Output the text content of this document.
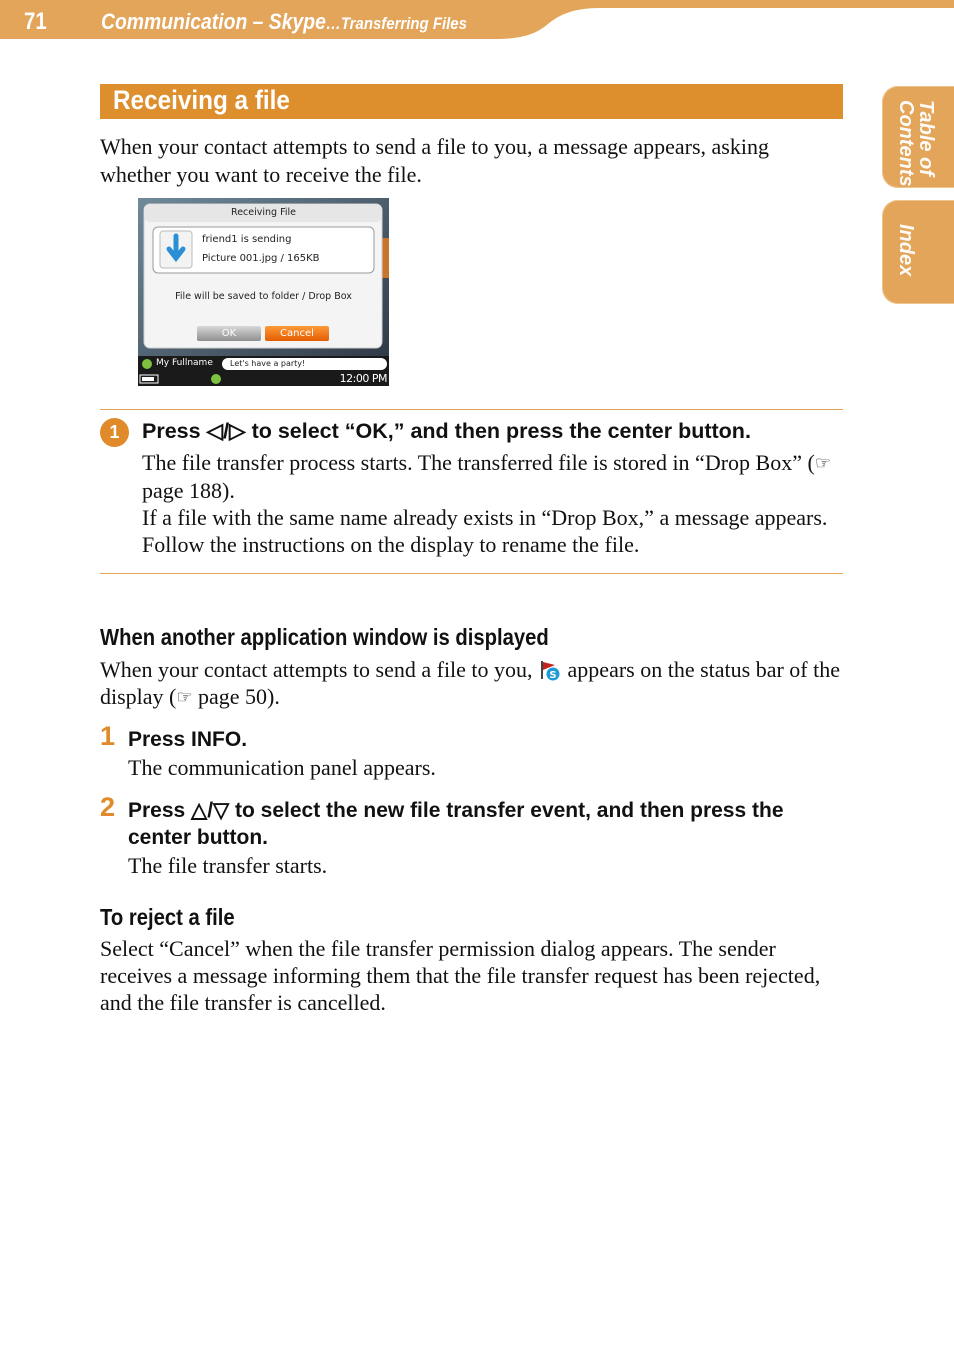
71 Communication – Skype…Transferring Files
Table of
Contents
Index
Receiving a file
When your contact attempts to send a file to you, a message appears, asking whether you want to receive the file.
Receiving File
friend1 is sending
Picture 001.jpg / 165KB
File will be saved to folder / Drop Box
OK	Cancel
My Fullname Let's have a party!
12:00 PM
1	Press ◁/▷ to select “OK,” and then press the center button.
The file transfer process starts. The transferred file is stored in “Drop Box” (☞ page 188).
If a file with the same name already exists in “Drop Box,” a message appears. Follow the instructions on the display to rename the file.
When another application window is displayed
When your contact attempts to send a file to you, S appears on the status bar of the display (☞ page 50).
1 Press INFO.
The communication panel appears.
2 Press △/▽ to select the new file transfer event, and then press the center button.
The file transfer starts.
To reject a file
Select “Cancel” when the file transfer permission dialog appears. The sender receives a message informing them that the file transfer request has been rejected, and the file transfer is cancelled.
